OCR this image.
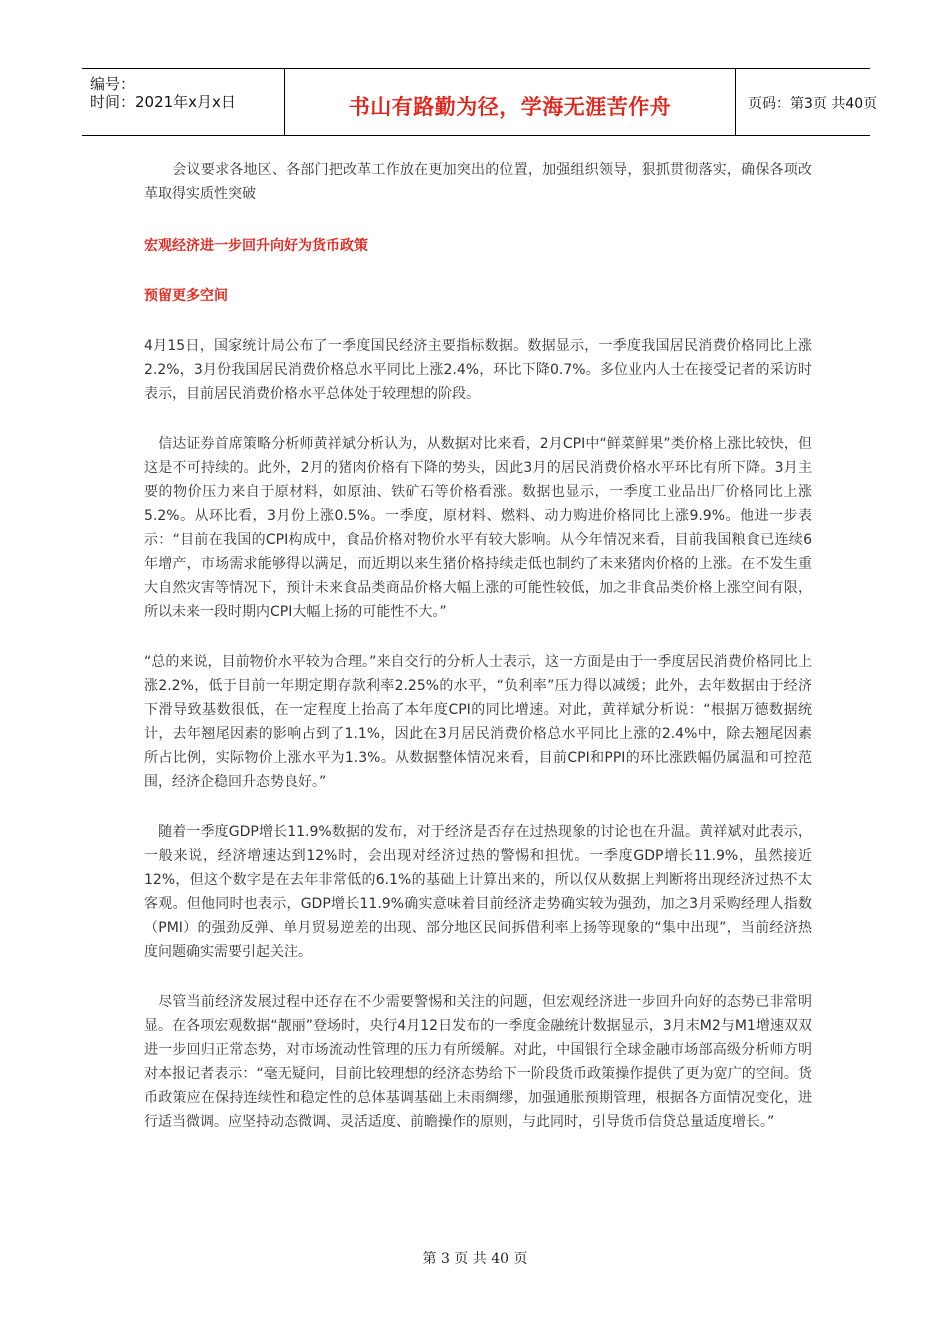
编号：
时间：2021年x月x日	书山有路勤为径，学海无涯苦作舟	页码：第3页 共40页

　　会议要求各地区、各部门把改革工作放在更加突出的位置，加强组织领导，狠抓贯彻落实，确保各项改革取得实质性突破

宏观经济进一步回升向好为货币政策
预留更多空间

4月15日，国家统计局公布了一季度国民经济主要指标数据。数据显示，一季度我国居民消费价格同比上涨2.2%，3月份我国居民消费价格总水平同比上涨2.4%，环比下降0.7%。多位业内人士在接受记者的采访时表示，目前居民消费价格水平总体处于较理想的阶段。

　信达证券首席策略分析师黄祥斌分析认为，从数据对比来看，2月CPI中“鲜菜鲜果”类价格上涨比较快，但这是不可持续的。此外，2月的猪肉价格有下降的势头，因此3月的居民消费价格水平环比有所下降。3月主要的物价压力来自于原材料，如原油、铁矿石等价格看涨。数据也显示，一季度工业品出厂价格同比上涨5.2%。从环比看，3月份上涨0.5%。一季度，原材料、燃料、动力购进价格同比上涨9.9%。他进一步表示：“目前在我国的CPI构成中，食品价格对物价水平有较大影响。从今年情况来看，目前我国粮食已连续6年增产，市场需求能够得以满足，而近期以来生猪价格持续走低也制约了未来猪肉价格的上涨。在不发生重大自然灾害等情况下，预计未来食品类商品价格大幅上涨的可能性较低，加之非食品类价格上涨空间有限，所以未来一段时期内CPI大幅上扬的可能性不大。”

“总的来说，目前物价水平较为合理。”来自交行的分析人士表示，这一方面是由于一季度居民消费价格同比上涨2.2%，低于目前一年期定期存款利率2.25%的水平，“负利率”压力得以减缓；此外，去年数据由于经济下滑导致基数很低，在一定程度上抬高了本年度CPI的同比增速。对此，黄祥斌分析说：“根据万德数据统计，去年翘尾因素的影响占到了1.1%，因此在3月居民消费价格总水平同比上涨的2.4%中，除去翘尾因素所占比例，实际物价上涨水平为1.3%。从数据整体情况来看，目前CPI和PPI的环比涨跌幅仍属温和可控范围，经济企稳回升态势良好。”

　随着一季度GDP增长11.9%数据的发布，对于经济是否存在过热现象的讨论也在升温。黄祥斌对此表示，一般来说，经济增速达到12%时，会出现对经济过热的警惕和担忧。一季度GDP增长11.9%，虽然接近12%，但这个数字是在去年非常低的6.1%的基础上计算出来的，所以仅从数据上判断将出现经济过热不太客观。但他同时也表示，GDP增长11.9%确实意味着目前经济走势确实较为强劲，加之3月采购经理人指数（PMI）的强劲反弹、单月贸易逆差的出现、部分地区民间拆借利率上扬等现象的“集中出现”，当前经济热度问题确实需要引起关注。

　尽管当前经济发展过程中还存在不少需要警惕和关注的问题，但宏观经济进一步回升向好的态势已非常明显。在各项宏观数据“靓丽”登场时，央行4月12日发布的一季度金融统计数据显示，3月末M2与M1增速双双进一步回归正常态势，对市场流动性管理的压力有所缓解。对此，中国银行全球金融市场部高级分析师方明对本报记者表示：“毫无疑问，目前比较理想的经济态势给下一阶段货币政策操作提供了更为宽广的空间。货币政策应在保持连续性和稳定性的总体基调基础上未雨绸缪，加强通胀预期管理，根据各方面情况变化，进行适当微调。应坚持动态微调、灵活适度、前瞻操作的原则，与此同时，引导货币信贷总量适度增长。”

第 3 页 共 40 页
